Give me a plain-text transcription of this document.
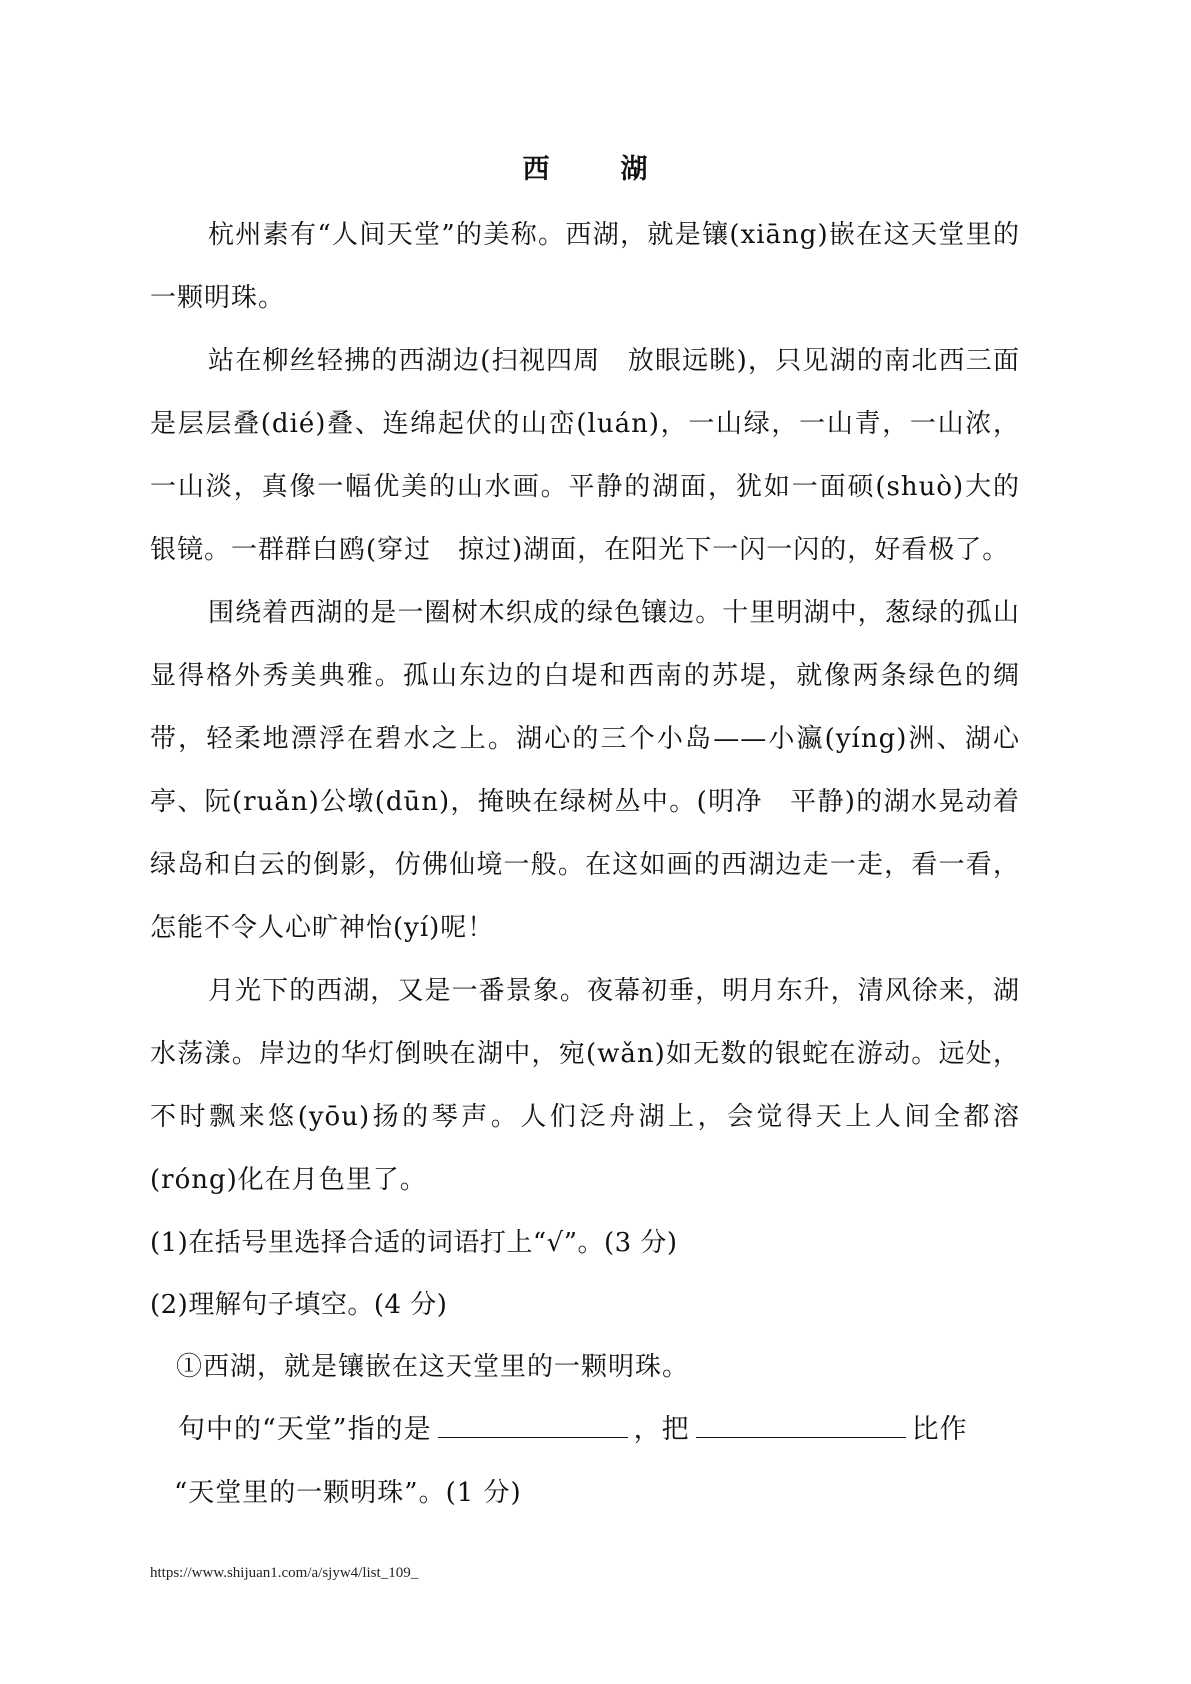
西　湖

杭州素有“人间天堂”的美称。西湖，就是镶(xiāng)嵌在这天堂里的一颗明珠。

站在柳丝轻拂的西湖边(扫视四周　放眼远眺)，只见湖的南北西三面是层层叠(dié)叠、连绵起伏的山峦(luán)，一山绿，一山青，一山浓，一山淡，真像一幅优美的山水画。平静的湖面，犹如一面硕(shuò)大的银镜。一群群白鸥(穿过　掠过)湖面，在阳光下一闪一闪的，好看极了。

围绕着西湖的是一圈树木织成的绿色镶边。十里明湖中，葱绿的孤山显得格外秀美典雅。孤山东边的白堤和西南的苏堤，就像两条绿色的绸带，轻柔地漂浮在碧水之上。湖心的三个小岛——小瀛(yíng)洲、湖心亭、阮(ruǎn)公墩(dūn)，掩映在绿树丛中。(明净　平静)的湖水晃动着绿岛和白云的倒影，仿佛仙境一般。在这如画的西湖边走一走，看一看，怎能不令人心旷神怡(yí)呢！

月光下的西湖，又是一番景象。夜幕初垂，明月东升，清风徐来，湖水荡漾。岸边的华灯倒映在湖中，宛(wǎn)如无数的银蛇在游动。远处，不时飘来悠(yōu)扬的琴声。人们泛舟湖上，会觉得天上人间全都溶(róng)化在月色里了。

(1)在括号里选择合适的词语打上“√”。(3 分)

(2)理解句子填空。(4 分)

①西湖，就是镶嵌在这天堂里的一颗明珠。

句中的“天堂”指的是	，把	比作

“天堂里的一颗明珠”。(1 分)

https://www.shijuan1.com/a/sjyw4/list_109_
